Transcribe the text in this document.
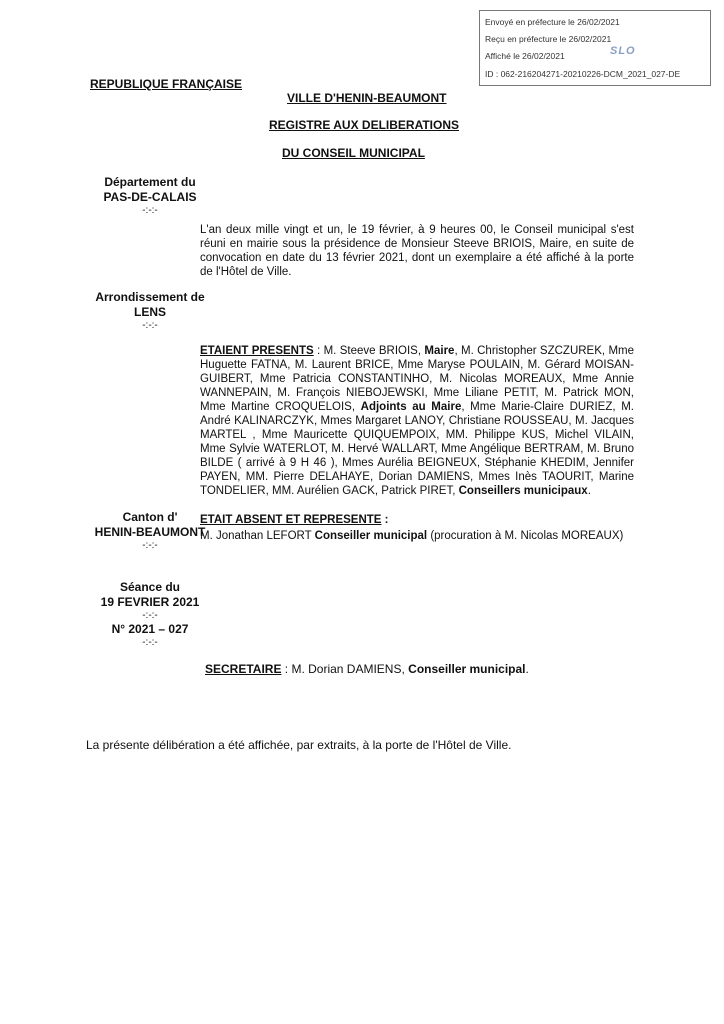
Envoyé en préfecture le 26/02/2021
Reçu en préfecture le 26/02/2021
Affiché le 26/02/2021	SLO
ID : 062-216204271-20210226-DCM_2021_027-DE
REPUBLIQUE FRANÇAISE
VILLE D'HENIN-BEAUMONT
REGISTRE AUX DELIBERATIONS
DU CONSEIL MUNICIPAL
Département du
PAS-DE-CALAIS
-:-:-
Arrondissement de
LENS
-:-:-
Canton d'
HENIN-BEAUMONT
-:-:-
Séance du
19 FEVRIER 2021
-:-:-
N° 2021 – 027
-:-:-
L'an deux mille vingt et un, le 19 février, à 9 heures 00, le Conseil municipal s'est réuni en mairie sous la présidence de Monsieur Steeve BRIOIS, Maire, en suite de convocation en date du 13 février 2021, dont un exemplaire a été affiché à la porte de l'Hôtel de Ville.
ETAIENT PRESENTS : M. Steeve BRIOIS, Maire, M. Christopher SZCZUREK, Mme Huguette FATNA, M. Laurent BRICE, Mme Maryse POULAIN, M. Gérard MOISAN-GUIBERT, Mme Patricia CONSTANTINHO, M. Nicolas MOREAUX, Mme Annie WANNEPAIN, M. François NIEBOJEWSKI, Mme Liliane PETIT, M. Patrick MON, Mme Martine CROQUELOIS, Adjoints au Maire, Mme Marie-Claire DURIEZ, M. André KALINARCZYK, Mmes Margaret LANOY, Christiane ROUSSEAU, M. Jacques MARTEL , Mme Mauricette QUIQUEMPOIX, MM. Philippe KUS, Michel VILAIN, Mme Sylvie WATERLOT, M. Hervé WALLART, Mme Angélique BERTRAM, M. Bruno BILDE ( arrivé à 9 H 46 ), Mmes Aurélia BEIGNEUX, Stéphanie KHEDIM, Jennifer PAYEN, MM. Pierre DELAHAYE, Dorian DAMIENS, Mmes Inès TAOURIT, Marine TONDELIER, MM. Aurélien GACK, Patrick PIRET, Conseillers municipaux.
ETAIT ABSENT ET REPRESENTE :
M. Jonathan LEFORT Conseiller municipal (procuration à M. Nicolas MOREAUX)
SECRETAIRE : M. Dorian DAMIENS, Conseiller municipal.
La présente délibération a été affichée, par extraits, à la porte de l'Hôtel de Ville.
